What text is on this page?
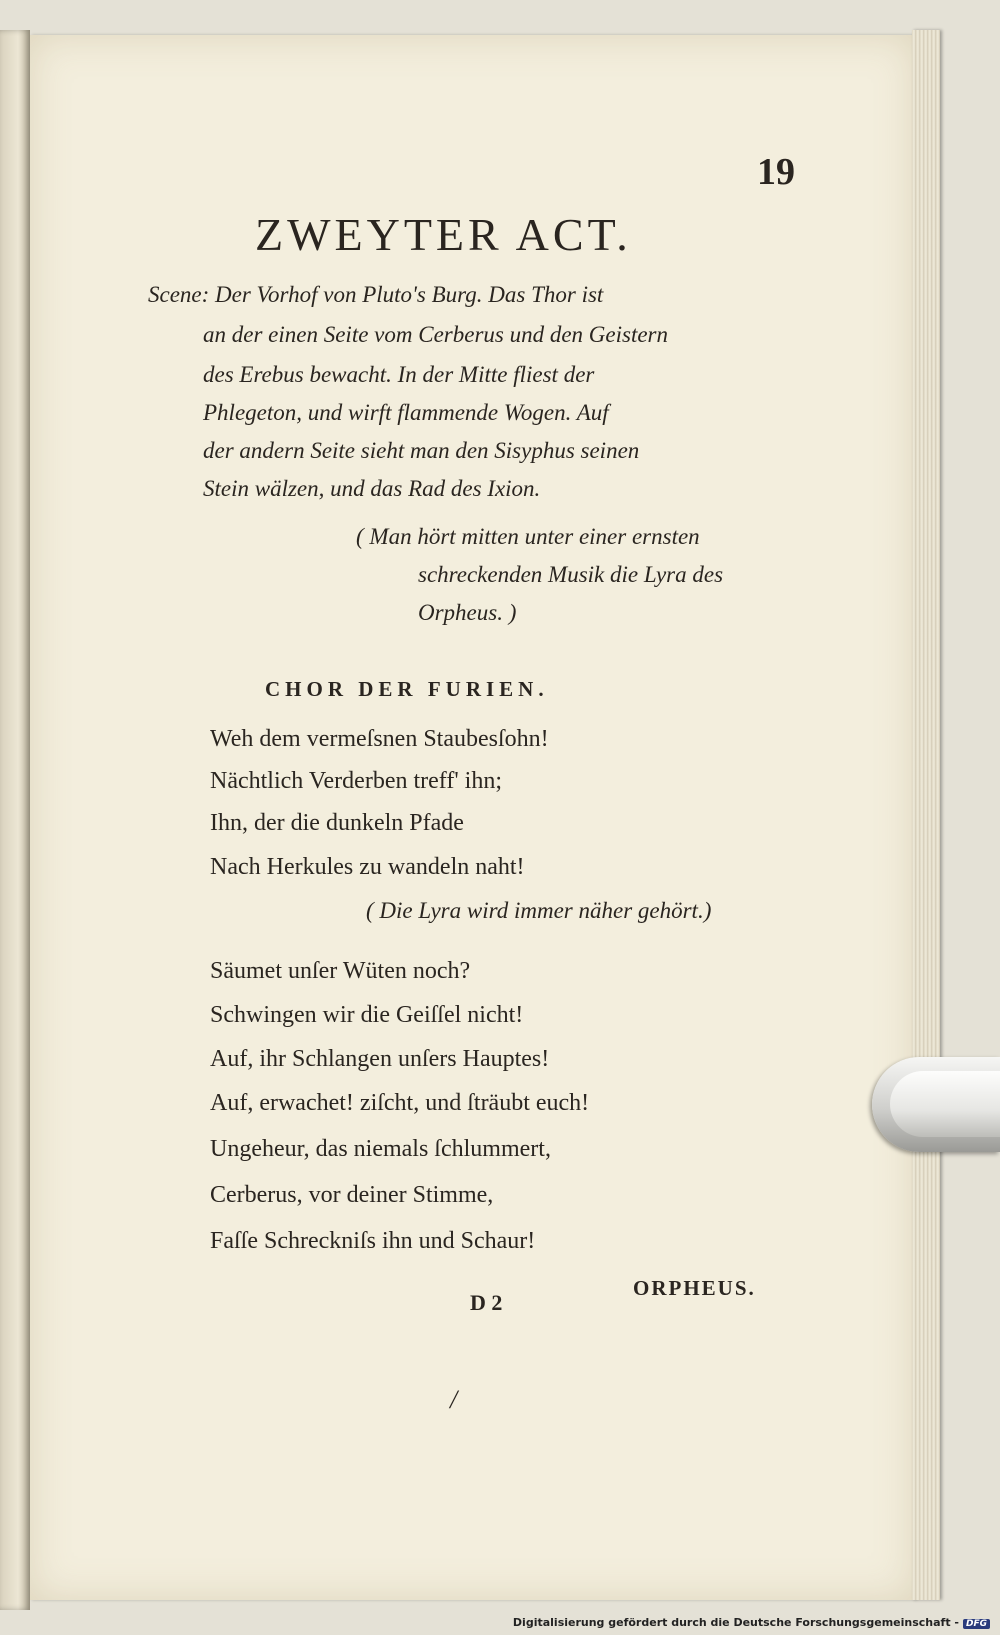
19
ZWEYTER ACT.
Scene: Der Vorhof von Pluto's Burg. Das Thor ist
an der einen Seite vom Cerberus und den Geistern
des Erebus bewacht. In der Mitte fliest der
Phlegeton, und wirft flammende Wogen. Auf
der andern Seite sieht man den Sisyphus seinen
Stein wälzen, und das Rad des Ixion.
( Man hört mitten unter einer ernsten
schreckenden Musik die Lyra des
Orpheus. )
CHOR DER FURIEN.
Weh dem vermeſsnen Staubesſohn!
Nächtlich Verderben treff' ihn;
Ihn, der die dunkeln Pfade
Nach Herkules zu wandeln naht!
( Die Lyra wird immer näher gehört.)
Säumet unſer Wüten noch?
Schwingen wir die Geiſſel nicht!
Auf, ihr Schlangen unſers Hauptes!
Auf, erwachet! ziſcht, und ſträubt euch!
Ungeheur, das niemals ſchlummert,
Cerberus, vor deiner Stimme,
Faſſe Schreckniſs ihn und Schaur!
D 2
ORPHEUS.
/
Digitalisierung gefördert durch die Deutsche Forschungsgemeinschaft - DFG
